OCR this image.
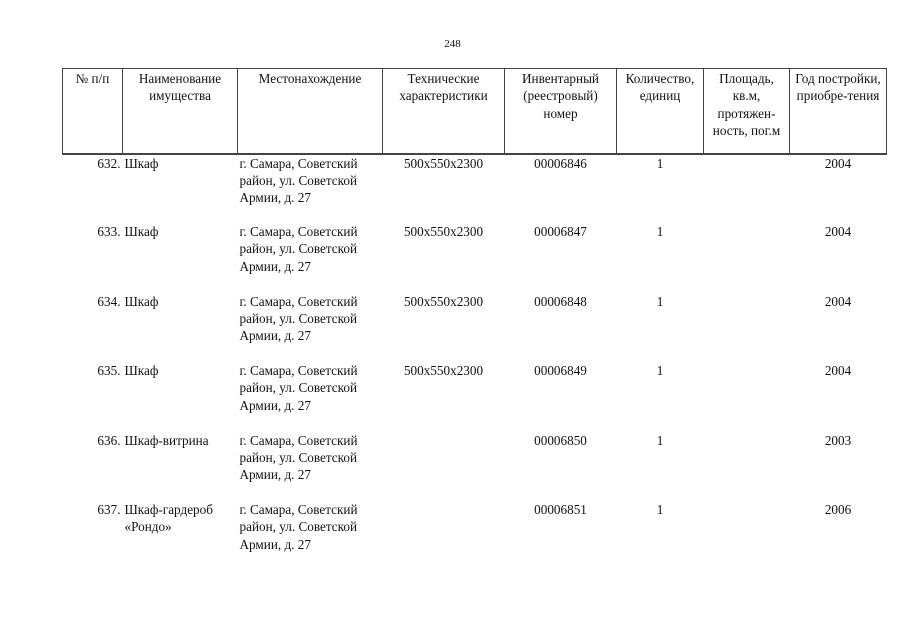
248
№ п/п	Наименование имущества	Местонахождение	Технические характеристики	Инвентарный (реестровый) номер	Количество, единиц	Площадь, кв.м, протяжен-ность, пог.м	Год постройки, приобре-тения
632.	Шкаф	г. Самара, Советский район, ул. Советской Армии, д. 27	500x550x2300	00006846	1		2004
633.	Шкаф	г. Самара, Советский район, ул. Советской Армии, д. 27	500x550x2300	00006847	1		2004
634.	Шкаф	г. Самара, Советский район, ул. Советской Армии, д. 27	500x550x2300	00006848	1		2004
635.	Шкаф	г. Самара, Советский район, ул. Советской Армии, д. 27	500x550x2300	00006849	1		2004
636.	Шкаф-витрина	г. Самара, Советский район, ул. Советской Армии, д. 27		00006850	1		2003
637.	Шкаф-гардероб «Рондо»	г. Самара, Советский район, ул. Советской Армии, д. 27		00006851	1		2006
